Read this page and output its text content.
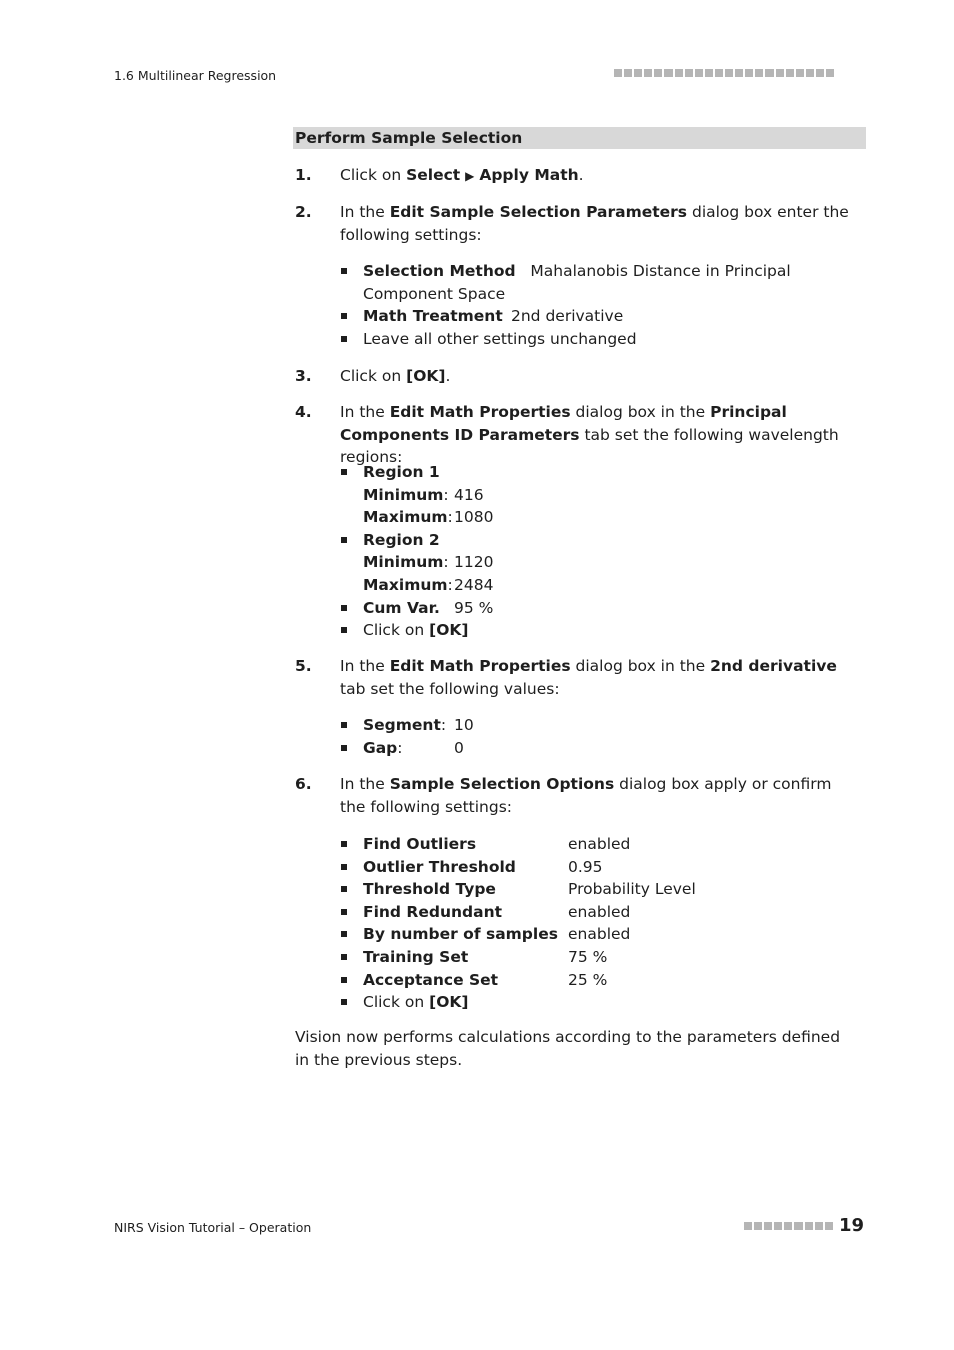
1.6 Multilinear Regression
Perform Sample Selection
1. Click on Select ▶ Apply Math.
2. In the Edit Sample Selection Parameters dialog box enter the following settings:
Selection Method Mahalanobis Distance in Principal Component Space
Math Treatment 2nd derivative
Leave all other settings unchanged
3. Click on [OK].
4. In the Edit Math Properties dialog box in the Principal Components ID Parameters tab set the following wavelength regions:
Region 1
Minimum: 416
Maximum:1080
Region 2
Minimum: 1120
Maximum:2484
Cum Var. 95 %
Click on [OK]
5. In the Edit Math Properties dialog box in the 2nd derivative tab set the following values:
Segment: 10
Gap:	0
6. In the Sample Selection Options dialog box apply or confirm the following settings:
Find Outliers	enabled
Outlier Threshold	0.95
Threshold Type	Probability Level
Find Redundant	enabled
By number of samples enabled
Training Set	75 %
Acceptance Set	25 %
Click on [OK]
Vision now performs calculations according to the parameters defined in the previous steps.
NIRS Vision Tutorial – Operation	19
